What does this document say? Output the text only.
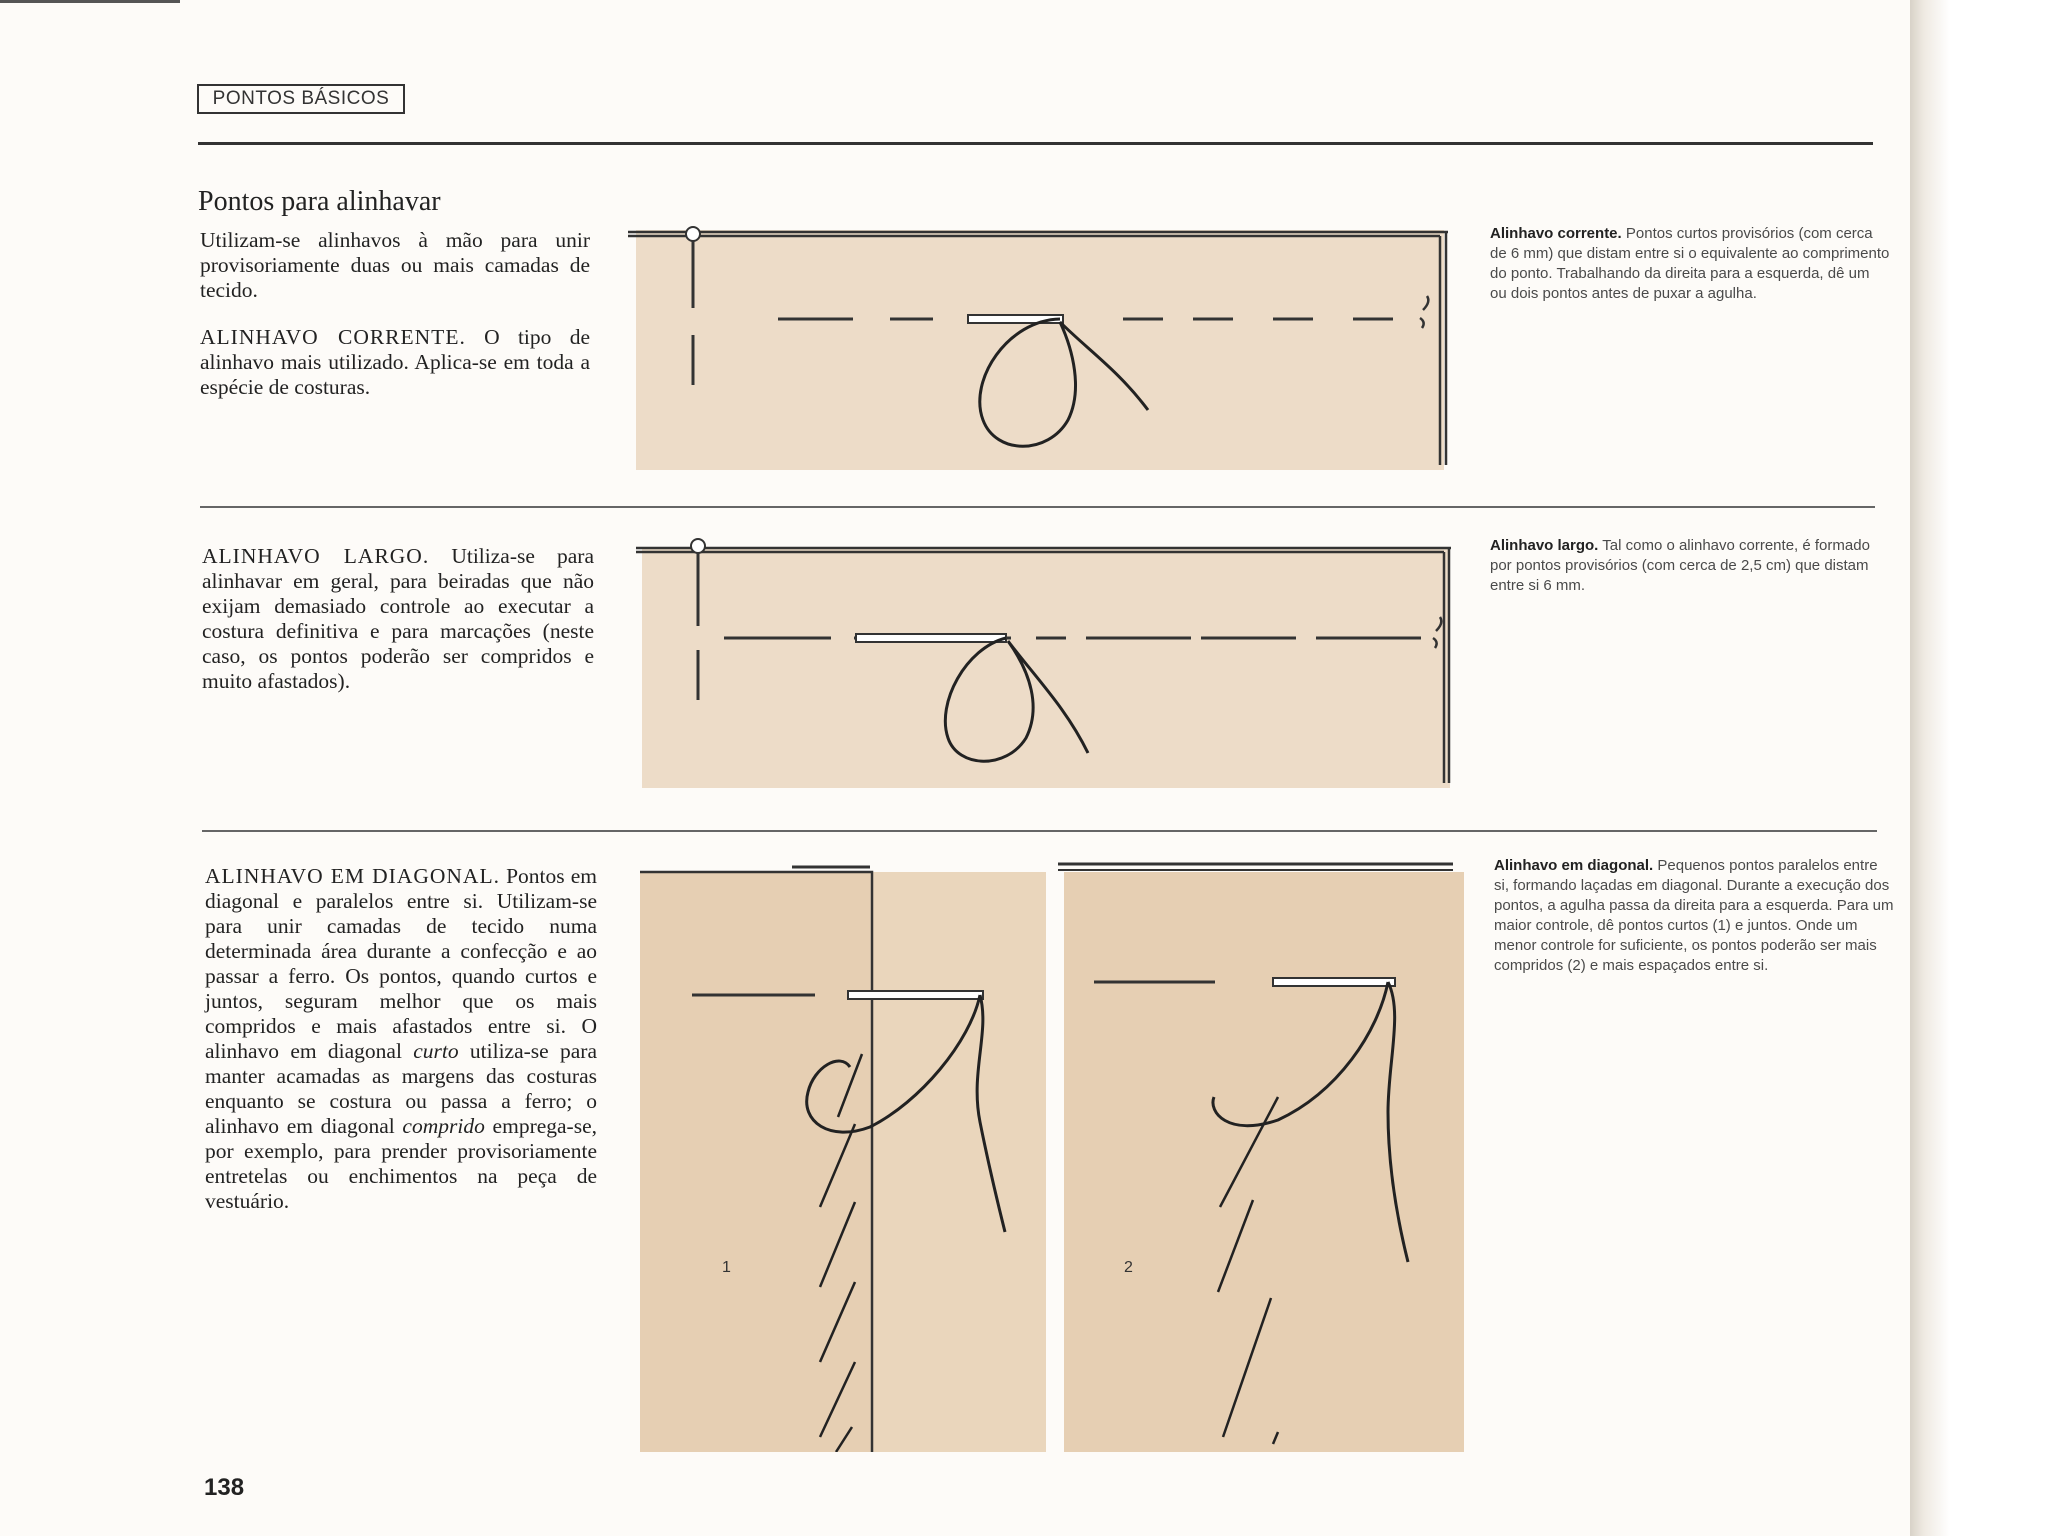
PONTOS BÁSICOS
Pontos para alinhavar

Utilizam-se alinhavos à mão para unir provisoriamente duas ou mais camadas de tecido.

ALINHAVO CORRENTE. O tipo de alinhavo mais utilizado. Aplica-se em toda a espécie de costuras.

Alinhavo corrente. Pontos curtos provisórios (com cerca de 6 mm) que distam entre si o equivalente ao comprimento do ponto. Trabalhando da direita para a esquerda, dê um ou dois pontos antes de puxar a agulha.

ALINHAVO LARGO. Utiliza-se para alinhavar em geral, para beiradas que não exijam demasiado controle ao executar a costura definitiva e para marcações (neste caso, os pontos poderão ser compridos e muito afastados).

Alinhavo largo. Tal como o alinhavo corrente, é formado por pontos provisórios (com cerca de 2,5 cm) que distam entre si 6 mm.

ALINHAVO EM DIAGONAL. Pontos em diagonal e paralelos entre si. Utilizam-se para unir camadas de tecido numa determinada área durante a confecção e ao passar a ferro. Os pontos, quando curtos e juntos, seguram melhor que os mais compridos e mais afastados entre si. O alinhavo em diagonal curto utiliza-se para manter acamadas as margens das costuras enquanto se costura ou passa a ferro; o alinhavo em diagonal comprido emprega-se, por exemplo, para prender provisoriamente entretelas ou enchimentos na peça de vestuário.

1	2
Alinhavo em diagonal. Pequenos pontos paralelos entre si, formando laçadas em diagonal. Durante a execução dos pontos, a agulha passa da direita para a esquerda. Para um maior controle, dê pontos curtos (1) e juntos. Onde um menor controle for suficiente, os pontos poderão ser mais compridos (2) e mais espaçados entre si.
138
